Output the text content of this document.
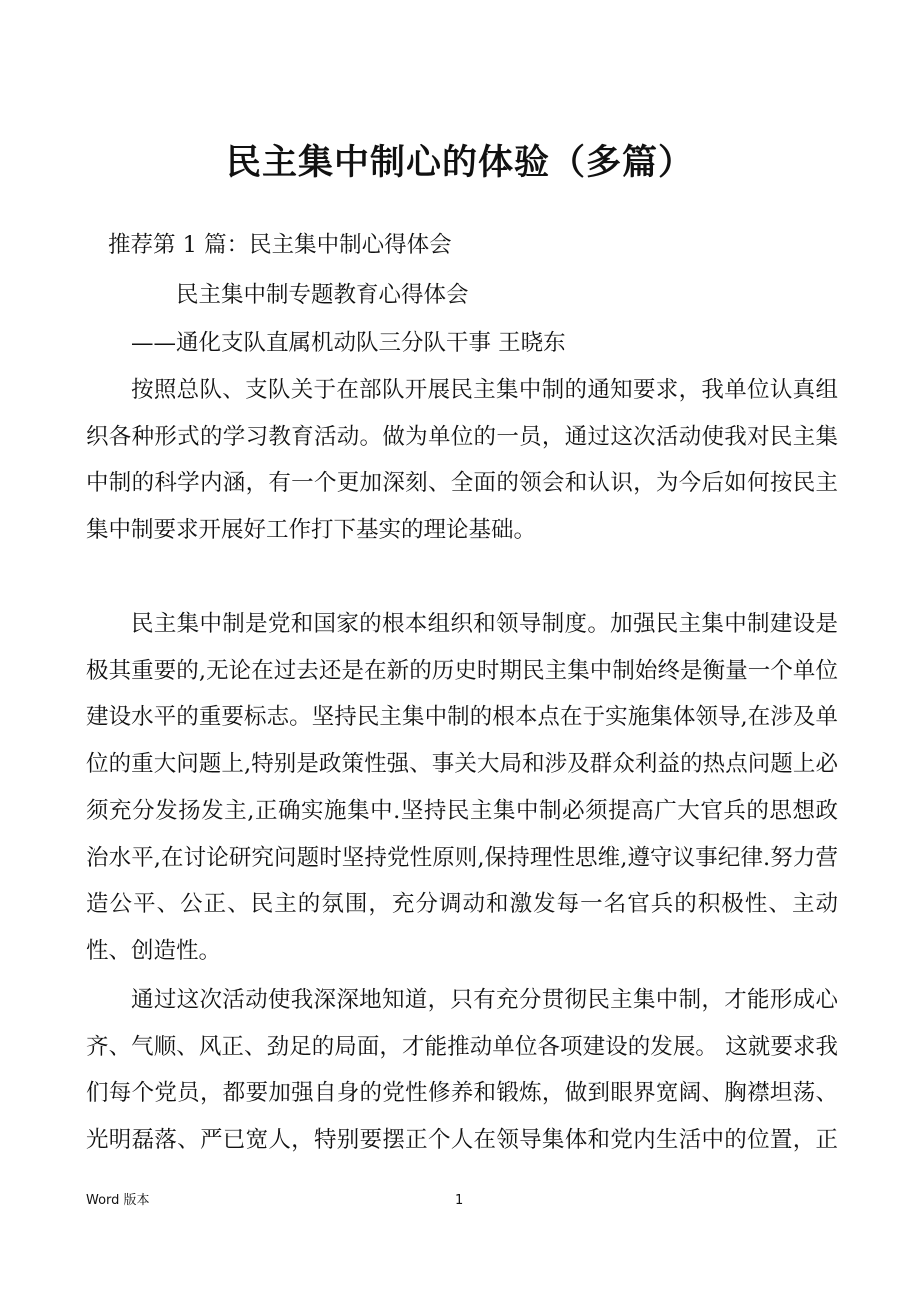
民主集中制心的体验（多篇）
推荐第 1 篇：民主集中制心得体会
民主集中制专题教育心得体会
——通化支队直属机动队三分队干事 王晓东

按照总队、支队关于在部队开展民主集中制的通知要求，我单位认真组织各种形式的学习教育活动。做为单位的一员，通过这次活动使我对民主集中制的科学内涵，有一个更加深刻、全面的领会和认识，为今后如何按民主集中制要求开展好工作打下基实的理论基础。

民主集中制是党和国家的根本组织和领导制度。加强民主集中制建设是极其重要的,无论在过去还是在新的历史时期民主集中制始终是衡量一个单位建设水平的重要标志。坚持民主集中制的根本点在于实施集体领导,在涉及单位的重大问题上,特别是政策性强、事关大局和涉及群众利益的热点问题上必须充分发扬发主,正确实施集中.坚持民主集中制必须提高广大官兵的思想政治水平,在讨论研究问题时坚持党性原则,保持理性思维,遵守议事纪律.努力营造公平、公正、民主的氛围，充分调动和激发每一名官兵的积极性、主动性、创造性。

通过这次活动使我深深地知道，只有充分贯彻民主集中制，才能形成心齐、气顺、风正、劲足的局面，才能推动单位各项建设的发展。 这就要求我们每个党员，都要加强自身的党性修养和锻炼，做到眼界宽阔、胸襟坦荡、光明磊落、严已宽人，特别要摆正个人在领导集体和党内生活中的位置，正

Word 版本	1
